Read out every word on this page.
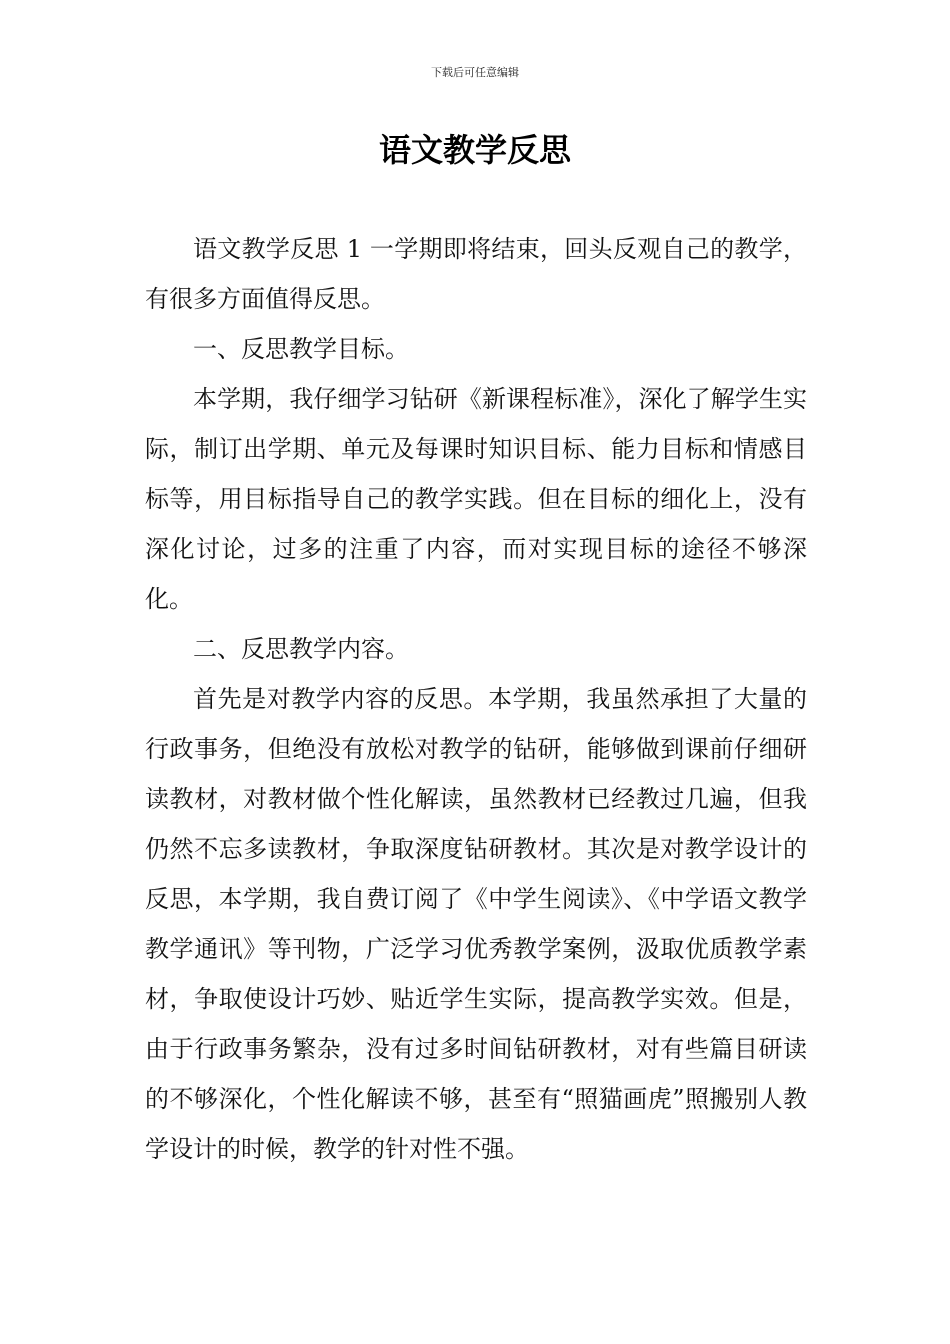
下载后可任意编辑
语文教学反思

语文教学反思 1 一学期即将结束，回头反观自己的教学，有很多方面值得反思。

一、反思教学目标。

本学期，我仔细学习钻研《新课程标准》，深化了解学生实际，制订出学期、单元及每课时知识目标、能力目标和情感目标等，用目标指导自己的教学实践。但在目标的细化上，没有深化讨论，过多的注重了内容，而对实现目标的途径不够深化。

二、反思教学内容。

首先是对教学内容的反思。本学期，我虽然承担了大量的行政事务，但绝没有放松对教学的钻研，能够做到课前仔细研读教材，对教材做个性化解读，虽然教材已经教过几遍，但我仍然不忘多读教材，争取深度钻研教材。其次是对教学设计的反思，本学期，我自费订阅了《中学生阅读》、《中学语文教学教学通讯》等刊物，广泛学习优秀教学案例，汲取优质教学素材，争取使设计巧妙、贴近学生实际，提高教学实效。但是，由于行政事务繁杂，没有过多时间钻研教材，对有些篇目研读的不够深化，个性化解读不够，甚至有“照猫画虎”照搬别人教学设计的时候，教学的针对性不强。
